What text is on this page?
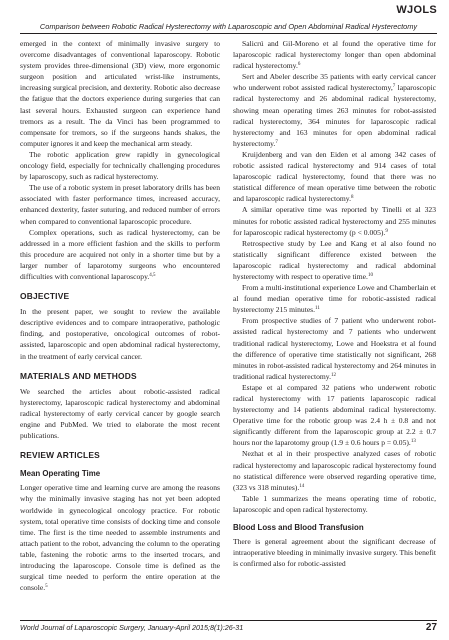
WJOLS
Comparison between Robotic Radical Hysterectomy with Laparoscopic and Open Abdominal Radical Hysterectomy

emerged in the context of minimally invasive surgery to overcome disadvantages of conventional laparoscopy. Robotic system provides three-dimensional (3D) view, more ergonomic surgeon position and articulated wrist-like instruments, increasing surgical precision, and dexterity. Robotic also decrease the fatigue that the doctors experience during surgeries that can last several hours. Exhausted surgeon can experience hand tremors as a result. The da Vinci has been programmed to compensate for tremors, so if the surgeons hands shakes, the computer ignores it and keep the mechanical arm steady.

The robotic application grew rapidly in gynecological oncology field, especially for technically challenging procedures by laparoscopy, such as radical hysterectomy.

The use of a robotic system in preset laboratory drills has been associated with faster performance times, increased accuracy, enhanced dexterity, faster suturing, and reduced number of errors when compared to conventional laparoscopic procedure.

Complex operations, such as radical hysterectomy, can be addressed in a more efficient fashion and the skills to perform this procedure are acquired not only in a shorter time but by a larger number of laparotomy surgeons who encountered difficulties with conventional laparoscopy.$^{4,5}$

OBJECTIVE

In the present paper, we sought to review the available descriptive evidences and to compare intraoperative, pathologic finding, and postoperative, oncological outcomes of robot-assisted, laparoscopic and open abdominal radical hysterectomy, in the treatment of early cervical cancer.

MATERIALS AND METHODS

We searched the articles about robotic-assisted radical hysterectomy, laparoscopic radical hysterectomy and abdominal radical hysterectomy of early cervical cancer by google search engine and PubMed. We tried to elaborate the most recent publications.

REVIEW ARTICLES
Mean Operating Time

Longer operative time and learning curve are among the reasons why the minimally invasive staging has not yet been adopted worldwide in gynecological oncology practice. For robotic system, total operative time consists of docking time and console time. The first is the time needed to assemble instruments and attach patient to the robot, advancing the column to the operating table, fastening the robotic arms to the inserted trocars, and introducing the laparoscope. Console time is defined as the surgical time needed to perform the entire operation at the console.$^5$

Salicrú and Gil-Moreno et al found the operative time for laparoscopic radical hysterectomy longer than open abdominal radical hysterectomy.$^6$

Sert and Abeler describe 35 patients with early cervical cancer who underwent robot assisted radical hysterectomy,$^7$ laparoscopic radical hysterectomy and 26 abdominal radical hysterectomy, showing mean operating times 263 minutes for robot-assisted radical hysterectomy, 364 minutes for laparoscopic radical hysterectomy and 163 minutes for open abdominal radical hysterectomy.$^7$

Kruijdenberg and van den Eiden et al among 342 cases of robotic assisted radical hysterectomy and 914 cases of total laparoscopic radical hysterectomy, found that there was no statistical difference of mean operative time between the robotic and laparoscopic radical hysterectomy.$^8$

A similar operative time was reported by Tinelli et al 323 minutes for robotic assisted radical hysterectomy and 255 minutes for laparoscopic radical hysterectomy (p < 0.005).$^9$

Retrospective study by Lee and Kang et al also found no statistically significant difference existed between the laparoscopic radical hysterectomy and radical abdominal hysterectomy with respect to operative time.$^{10}$

From a multi-institutional experience Lowe and Chamberlain et al found median operative time for robotic-assisted radical hysterectomy 215 minutes.$^{11}$

From prospective studies of 7 patient who underwent robot-assisted radical hysterectomy and 7 patients who underwent traditional radical hysterectomy, Lowe and Hoekstra et al found the difference of operative time statistically not significant, 268 minutes in robot-assisted radical hysterectomy and 264 minutes in traditional radical hysterectomy.$^{12}$

Estape et al compared 32 patiens who underwent robotic radical hysterectomy with 17 patients laparoscopic radical hysterectomy and 14 patients abdominal radical hysterectomy. Operative time for the robotic group was 2.4 h ± 0.8 and not significantly different from the laparoscopic group at 2.2 ± 0.7 hours nor the laparotomy group (1.9 ± 0.6 hours p = 0.05).$^{13}$

Nezhat et al in their prospective analyzed cases of robotic radical hysterectomy and laparoscopic radical hysterectomy found no statistical difference were observed regarding operative time, (323 vs 318 minutes).$^{14}$

Table 1 summarizes the means operating time of robotic, laparoscopic and open radical hysterectomy.

Blood Loss and Blood Transfusion

There is general agreement about the significant decrease of intraoperative bleeding in minimally invasive surgery. This benefit is confirmed also for robotic-assisted

World Journal of Laparoscopic Surgery, January-April 2015;8(1):26-31	27
